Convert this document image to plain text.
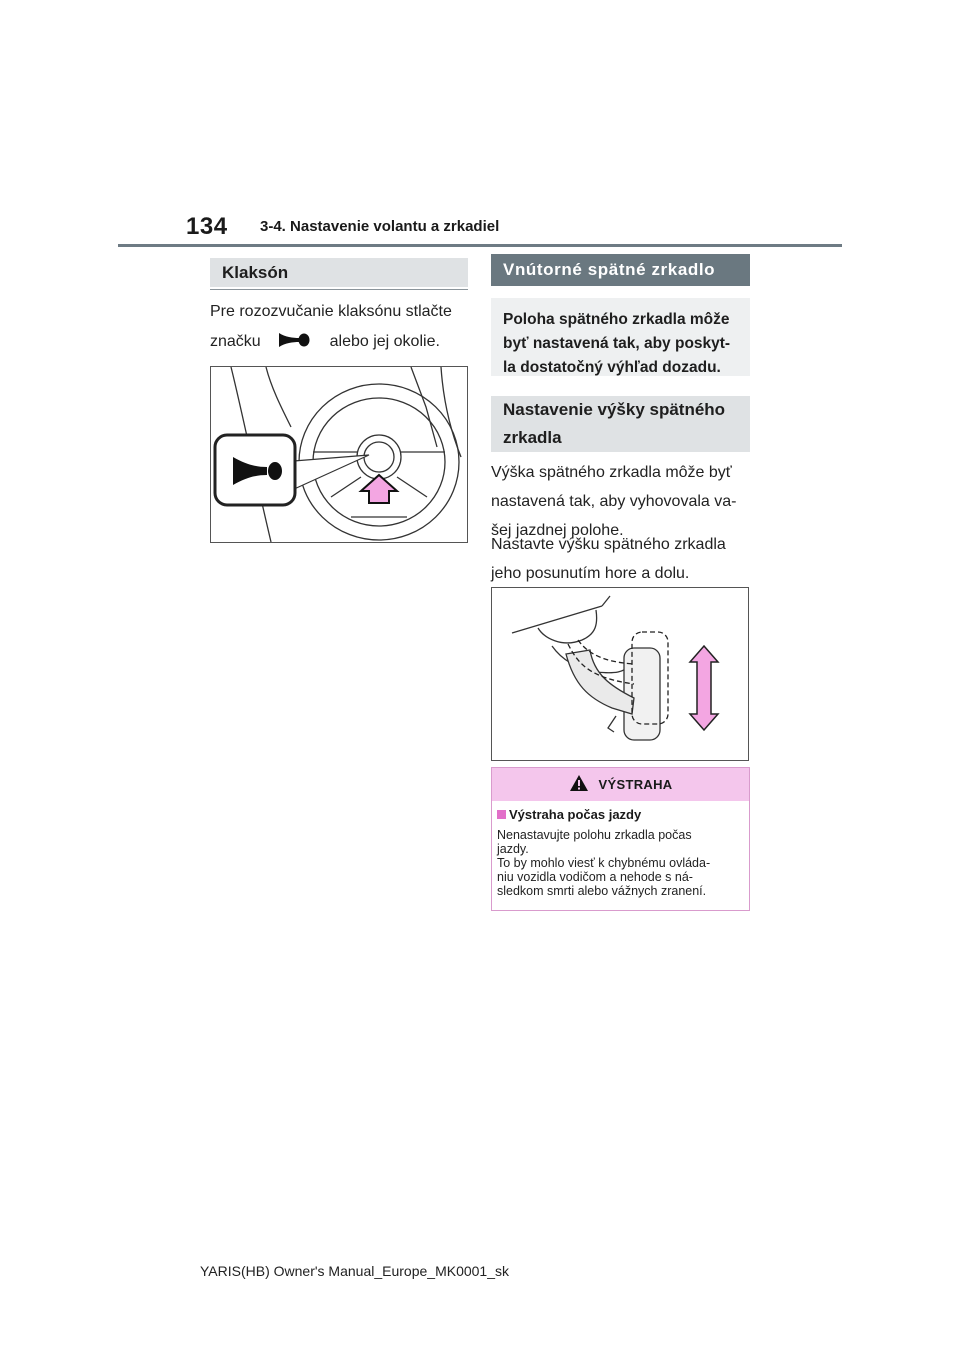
134 3-4. Nastavenie volantu a zrkadiel
Klaksón
Pre rozozvučanie klaksónu stlačte
značku	alebo jej okolie.
Vnútorné spätné zrkadlo
Poloha spätného zrkadla môže
byť nastavená tak, aby poskyt-
la dostatočný výhľad dozadu.
Nastavenie výšky spätného
zrkadla
Výška spätného zrkadla môže byť
nastavená tak, aby vyhovovala va-
šej jazdnej polohe.
Nastavte výšku spätného zrkadla
jeho posunutím hore a dolu.
VÝSTRAHA
Výstraha počas jazdy
Nenastavujte polohu zrkadla počas
jazdy.
To by mohlo viesť k chybnému ovláda-
niu vozidla vodičom a nehode s ná-
sledkom smrti alebo vážnych zranení.
YARIS(HB) Owner's Manual_Europe_MK0001_sk
